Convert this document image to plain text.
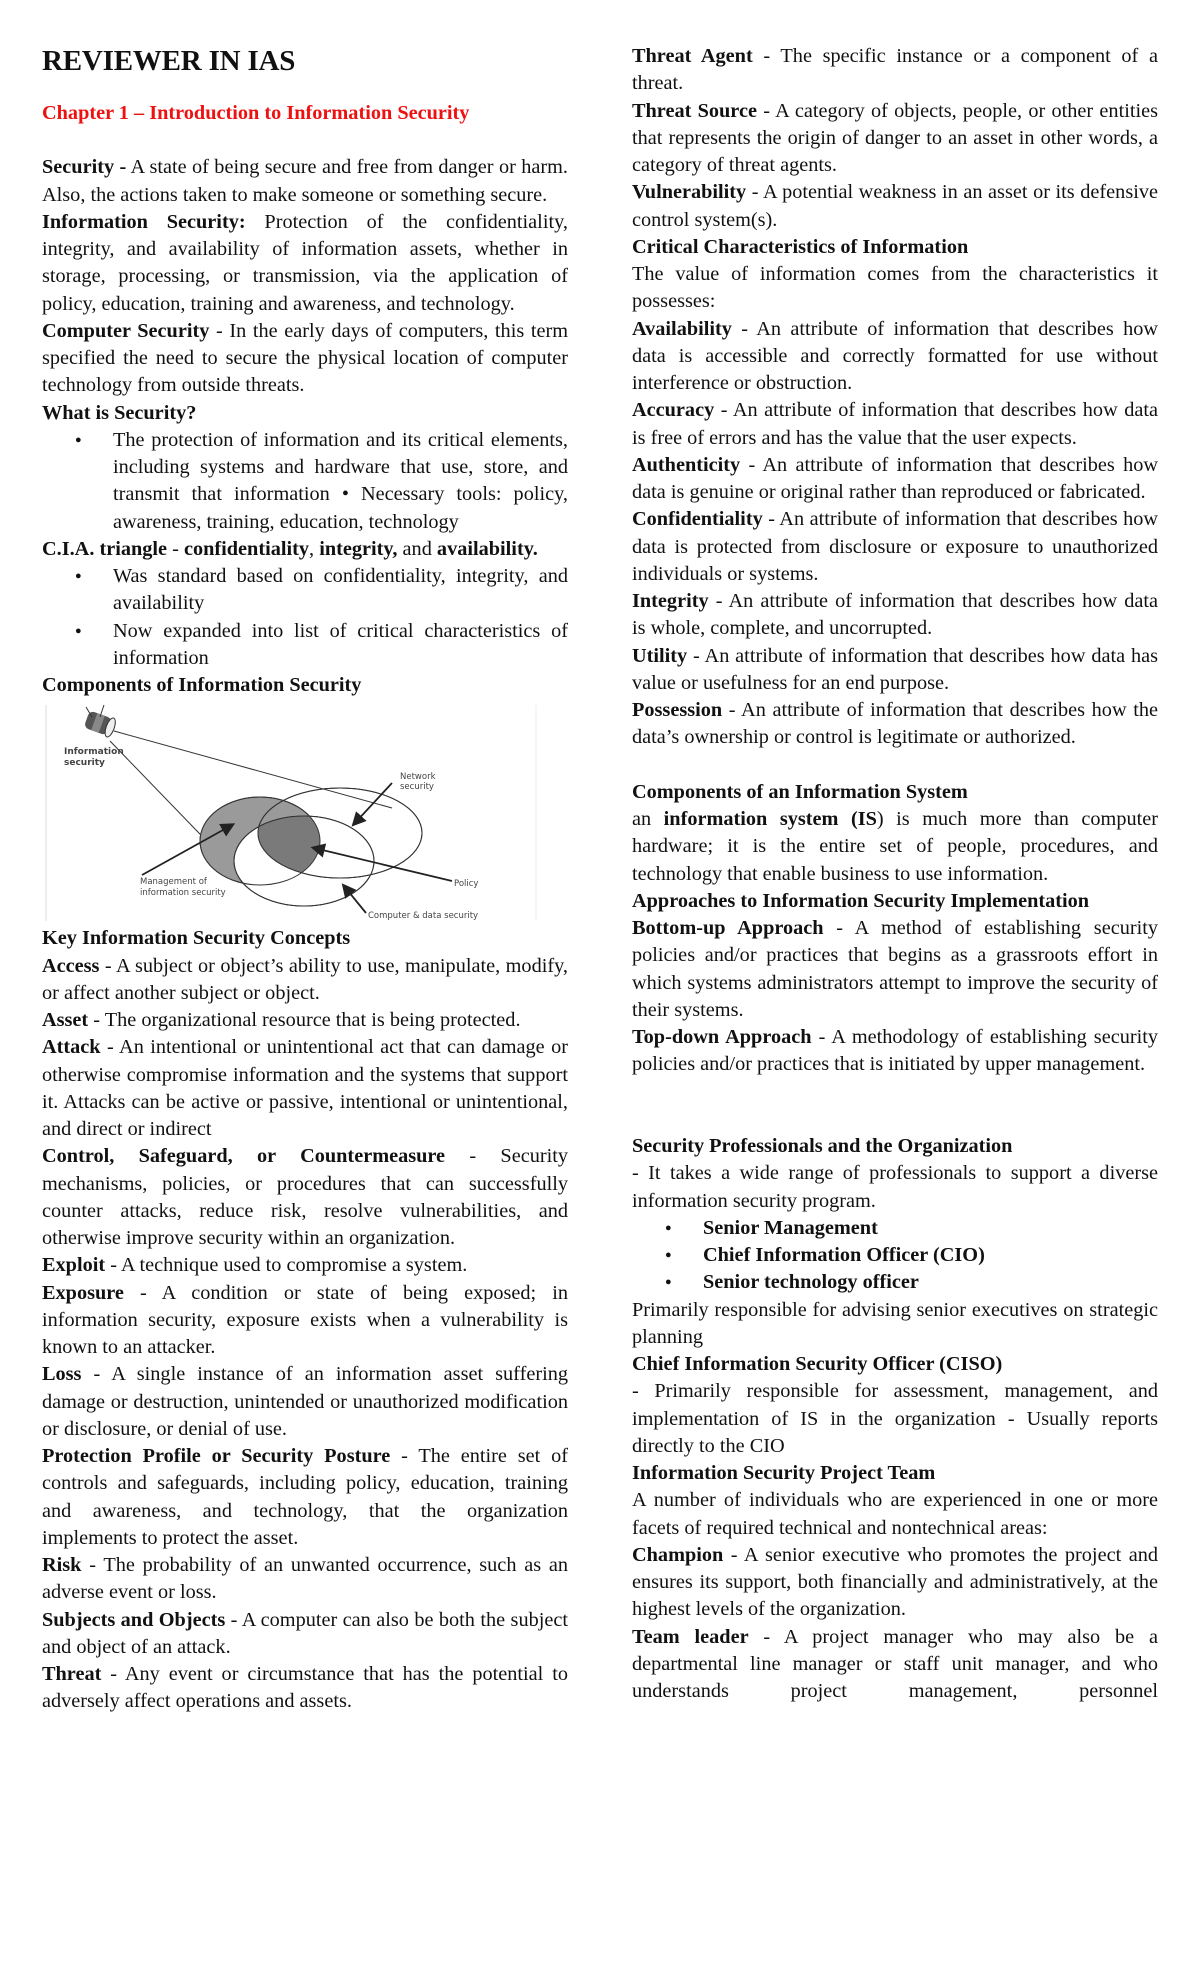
REVIEWER IN IAS

Chapter 1 – Introduction to Information Security

Security - A state of being secure and free from danger or harm. Also, the actions taken to make someone or something secure.

Information Security: Protection of the confidentiality, integrity, and availability of information assets, whether in storage, processing, or transmission, via the application of policy, education, training and awareness, and technology.

Computer Security - In the early days of computers, this term specified the need to secure the physical location of computer technology from outside threats.

What is Security?

● The protection of information and its critical elements, including systems and hardware that use, store, and transmit that information • Necessary tools: policy, awareness, training, education, technology

C.I.A. triangle - confidentiality, integrity, and availability.

● Was standard based on confidentiality, integrity, and availability
● Now expanded into list of critical characteristics of information

Components of Information Security

Information
security
Network
security
Management of
information security
Policy
Computer & data security

Key Information Security Concepts

Access - A subject or object’s ability to use, manipulate, modify, or affect another subject or object.

Asset - The organizational resource that is being protected.

Attack - An intentional or unintentional act that can damage or otherwise compromise information and the systems that support it. Attacks can be active or passive, intentional or unintentional, and direct or indirect

Control, Safeguard, or Countermeasure - Security mechanisms, policies, or procedures that can successfully counter attacks, reduce risk, resolve vulnerabilities, and otherwise improve security within an organization.

Exploit - A technique used to compromise a system.

Exposure - A condition or state of being exposed; in information security, exposure exists when a vulnerability is known to an attacker.

Loss - A single instance of an information asset suffering damage or destruction, unintended or unauthorized modification or disclosure, or denial of use.

Protection Profile or Security Posture - The entire set of controls and safeguards, including policy, education, training and awareness, and technology, that the organization implements to protect the asset.

Risk - The probability of an unwanted occurrence, such as an adverse event or loss.

Subjects and Objects - A computer can also be both the subject and object of an attack.

Threat - Any event or circumstance that has the potential to adversely affect operations and assets.

Threat Agent - The specific instance or a component of a threat.

Threat Source - A category of objects, people, or other entities that represents the origin of danger to an asset in other words, a category of threat agents.

Vulnerability - A potential weakness in an asset or its defensive control system(s).

Critical Characteristics of Information

The value of information comes from the characteristics it possesses:

Availability - An attribute of information that describes how data is accessible and correctly formatted for use without interference or obstruction.

Accuracy - An attribute of information that describes how data is free of errors and has the value that the user expects.

Authenticity - An attribute of information that describes how data is genuine or original rather than reproduced or fabricated.

Confidentiality - An attribute of information that describes how data is protected from disclosure or exposure to unauthorized individuals or systems.

Integrity - An attribute of information that describes how data is whole, complete, and uncorrupted.

Utility - An attribute of information that describes how data has value or usefulness for an end purpose.

Possession - An attribute of information that describes how the data’s ownership or control is legitimate or authorized.

Components of an Information System

an information system (IS) is much more than computer hardware; it is the entire set of people, procedures, and technology that enable business to use information.

Approaches to Information Security Implementation

Bottom-up Approach - A method of establishing security policies and/or practices that begins as a grassroots effort in which systems administrators attempt to improve the security of their systems.

Top-down Approach - A methodology of establishing security policies and/or practices that is initiated by upper management.

Security Professionals and the Organization

- It takes a wide range of professionals to support a diverse information security program.

● Senior Management
● Chief Information Officer (CIO)
● Senior technology officer

Primarily responsible for advising senior executives on strategic planning

Chief Information Security Officer (CISO)

- Primarily responsible for assessment, management, and implementation of IS in the organization - Usually reports directly to the CIO

Information Security Project Team

A number of individuals who are experienced in one or more facets of required technical and nontechnical areas:

Champion - A senior executive who promotes the project and ensures its support, both financially and administratively, at the highest levels of the organization.

Team leader - A project manager who may also be a departmental line manager or staff unit manager, and who understands project management, personnel
